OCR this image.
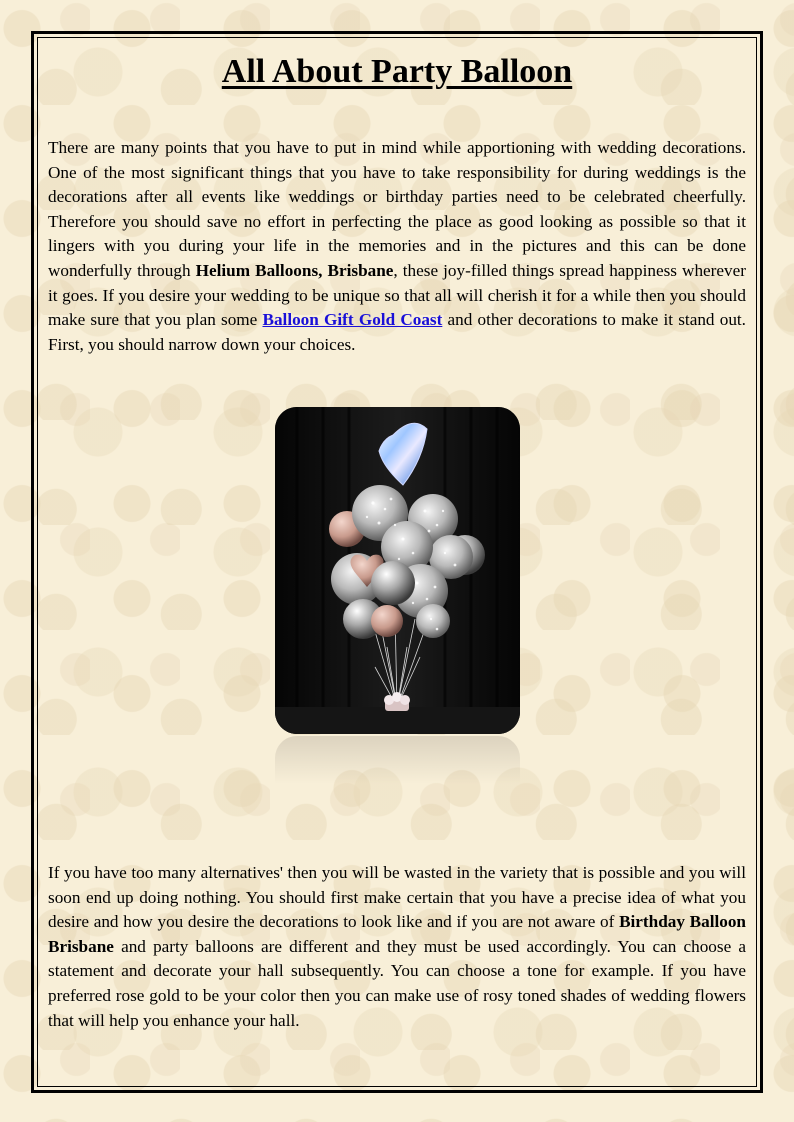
All About Party Balloon

There are many points that you have to put in mind while apportioning with wedding decorations. One of the most significant things that you have to take responsibility for during weddings is the decorations after all events like weddings or birthday parties need to be celebrated cheerfully. Therefore you should save no effort in perfecting the place as good looking as possible so that it lingers with you during your life in the memories and in the pictures and this can be done wonderfully through Helium Balloons, Brisbane, these joy-filled things spread happiness wherever it goes. If you desire your wedding to be unique so that all will cherish it for a while then you should make sure that you plan some Balloon Gift Gold Coast and other decorations to make it stand out. First, you should narrow down your choices.

If you have too many alternatives' then you will be wasted in the variety that is possible and you will soon end up doing nothing. You should first make certain that you have a precise idea of what you desire and how you desire the decorations to look like and if you are not aware of Birthday Balloon Brisbane and party balloons are different and they must be used accordingly. You can choose a statement and decorate your hall subsequently. You can choose a tone for example. If you have preferred rose gold to be your color then you can make use of rosy toned shades of wedding flowers that will help you enhance your hall.
